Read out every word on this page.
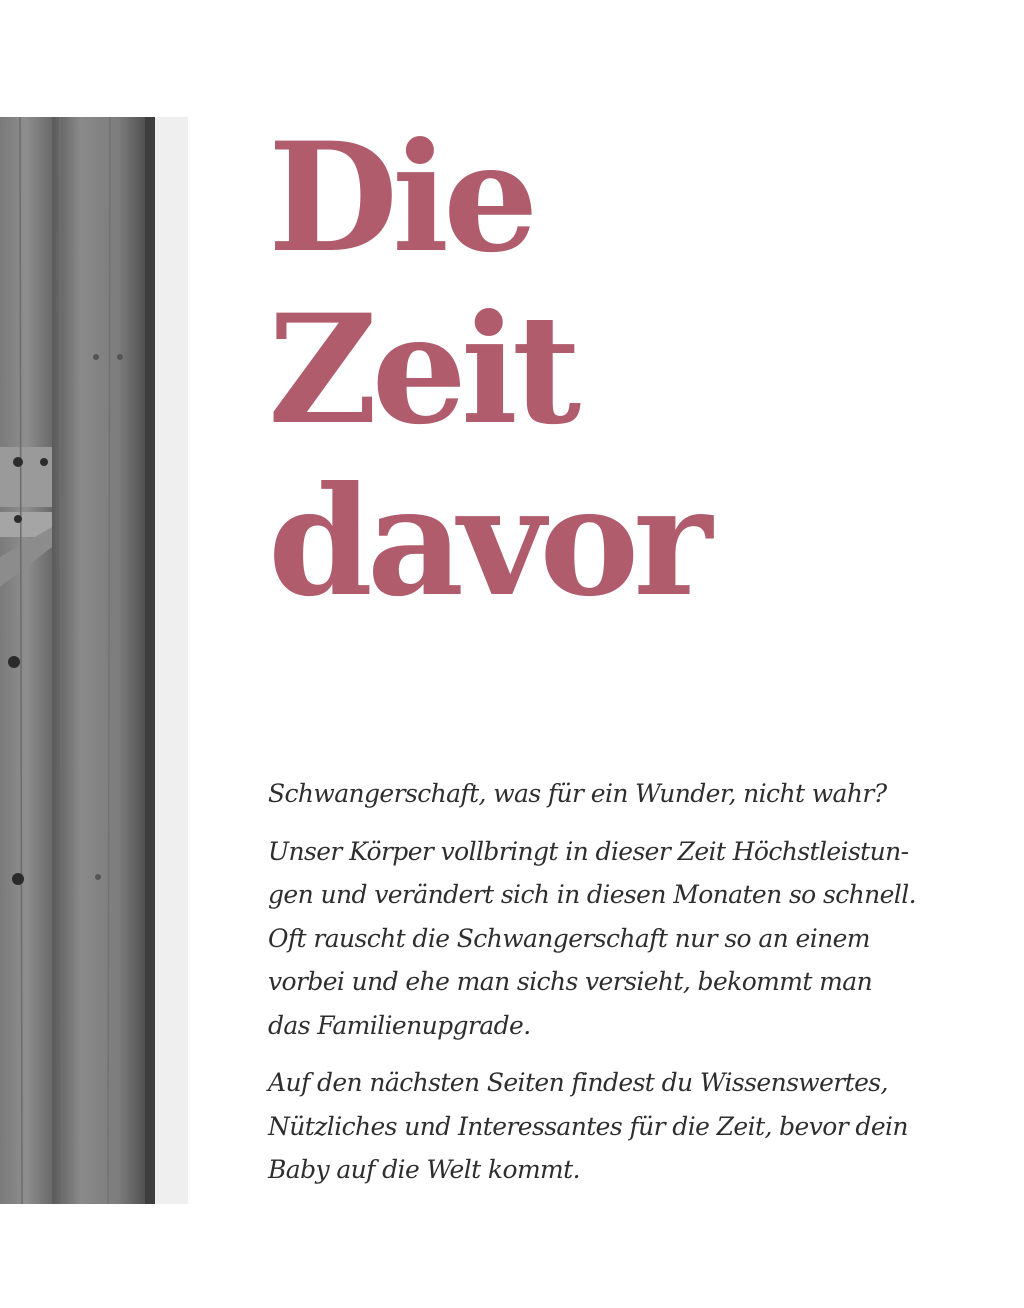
Die
Zeit
davor

Schwangerschaft, was für ein Wunder, nicht wahr?

Unser Körper vollbringt in dieser Zeit Höchstleistun-
gen und verändert sich in diesen Monaten so schnell.
Oft rauscht die Schwangerschaft nur so an einem
vorbei und ehe man sichs versieht, bekommt man
das Familienupgrade.

Auf den nächsten Seiten findest du Wissenswertes,
Nützliches und Interessantes für die Zeit, bevor dein
Baby auf die Welt kommt.
